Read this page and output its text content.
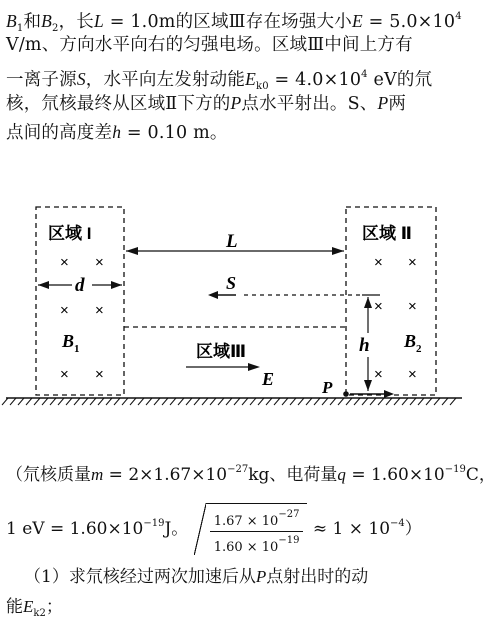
$B_1$和$B_2$，长L = 1.0m的区域Ⅲ存在场强大小$E = 5.0\times 10^4$
V/m、方向水平向右的匀强电场。区域Ⅲ中间上方有
一离子源S，水平向左发射动能$E_{k0} = 4.0\times 10^4$ eV的氘
核，氘核最终从区域Ⅱ下方的P点水平射出。S、P两
点间的高度差h = 0.10 m。
区域 I	区域 Ⅱ
区域Ⅲ
L
d
× ×
× ×
× ×
$B_1$
× ×
× ×
× ×
$B_2$
S
h
E	P
（氘核质量$m = 2\times 1.67\times 10^{-27}kg$、电荷量$q = 1.60\times 10^{-19}C$，
1 eV = $1.60\times 10^{-19}J$。 $\frac{1.67 \times 10^{-27}}{1.60 \times 10^{-19}} \approx 1 \times 10^{-4}$）
（1）求氘核经过两次加速后从P点射出时的动
能$E_{k2}$；
